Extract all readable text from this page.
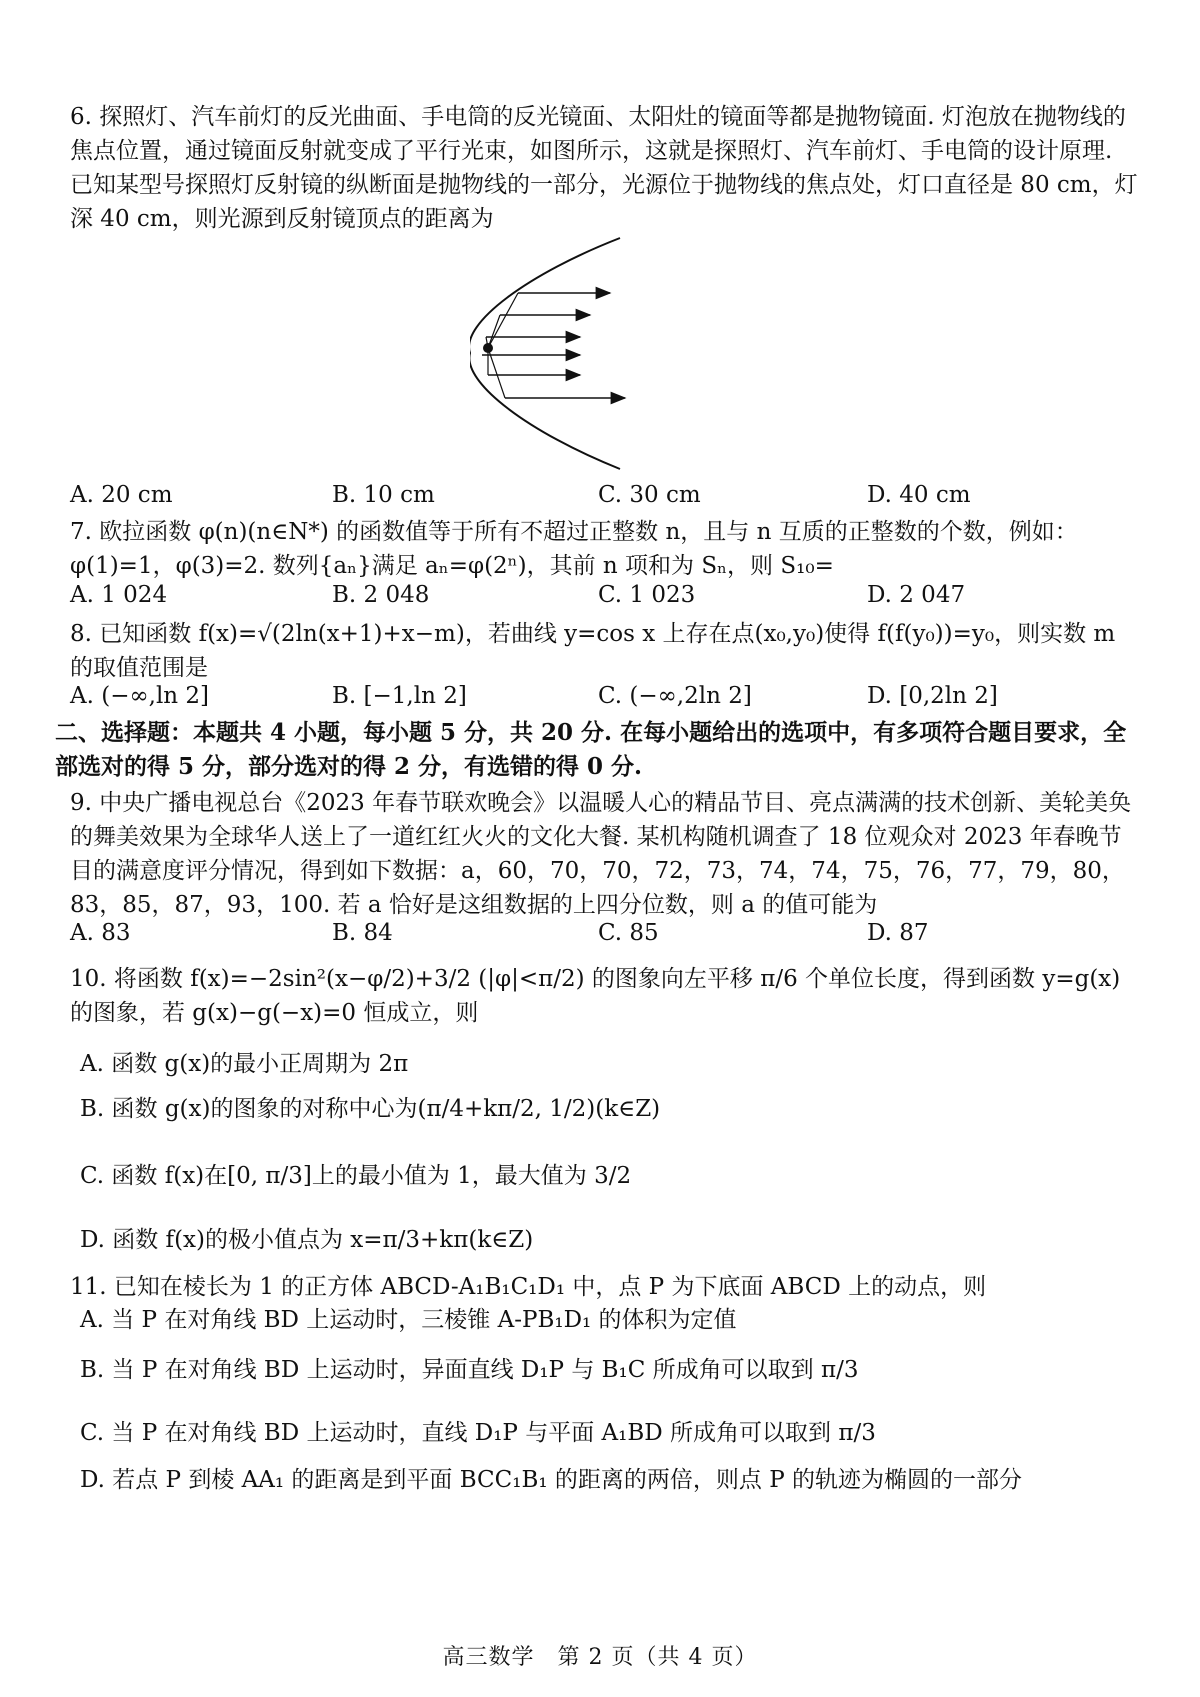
6. 探照灯、汽车前灯的反光曲面、手电筒的反光镜面、太阳灶的镜面等都是抛物镜面. 灯泡放在抛物线的焦点位置，通过镜面反射就变成了平行光束，如图所示，这就是探照灯、汽车前灯、手电筒的设计原理. 已知某型号探照灯反射镜的纵断面是抛物线的一部分，光源位于抛物线的焦点处，灯口直径是 80 cm，灯深 40 cm，则光源到反射镜顶点的距离为
A. 20 cm	B. 10 cm	C. 30 cm	D. 40 cm
7. 欧拉函数 φ(n)(n∈N*) 的函数值等于所有不超过正整数 n，且与 n 互质的正整数的个数，例如：φ(1)=1，φ(3)=2. 数列{aₙ}满足 aₙ=φ(2ⁿ)，其前 n 项和为 Sₙ，则 S₁₀=
A. 1 024	B. 2 048	C. 1 023	D. 2 047
8. 已知函数 f(x)=√(2ln(x+1)+x−m)，若曲线 y=cos x 上存在点(x₀,y₀)使得 f(f(y₀))=y₀，则实数 m 的取值范围是
A. (−∞,ln 2]	B. [−1,ln 2]	C. (−∞,2ln 2]	D. [0,2ln 2]
二、选择题：本题共 4 小题，每小题 5 分，共 20 分. 在每小题给出的选项中，有多项符合题目要求，全部选对的得 5 分，部分选对的得 2 分，有选错的得 0 分.
9. 中央广播电视总台《2023 年春节联欢晚会》以温暖人心的精品节目、亮点满满的技术创新、美轮美奂的舞美效果为全球华人送上了一道红红火火的文化大餐. 某机构随机调查了 18 位观众对 2023 年春晚节目的满意度评分情况，得到如下数据：a，60，70，70，72，73，74，74，75，76，77，79，80，83，85，87，93，100. 若 a 恰好是这组数据的上四分位数，则 a 的值可能为
A. 83	B. 84	C. 85	D. 87
10. 将函数 f(x)=−2sin²(x−φ/2)+3/2 (|φ|<π/2) 的图象向左平移 π/6 个单位长度，得到函数 y=g(x)的图象，若 g(x)−g(−x)=0 恒成立，则
A. 函数 g(x)的最小正周期为 2π
B. 函数 g(x)的图象的对称中心为(π/4+kπ/2, 1/2)(k∈Z)
C. 函数 f(x)在[0, π/3]上的最小值为 1，最大值为 3/2
D. 函数 f(x)的极小值点为 x=π/3+kπ(k∈Z)
11. 已知在棱长为 1 的正方体 ABCD-A₁B₁C₁D₁ 中，点 P 为下底面 ABCD 上的动点，则
A. 当 P 在对角线 BD 上运动时，三棱锥 A-PB₁D₁ 的体积为定值
B. 当 P 在对角线 BD 上运动时，异面直线 D₁P 与 B₁C 所成角可以取到 π/3
C. 当 P 在对角线 BD 上运动时，直线 D₁P 与平面 A₁BD 所成角可以取到 π/3
D. 若点 P 到棱 AA₁ 的距离是到平面 BCC₁B₁ 的距离的两倍，则点 P 的轨迹为椭圆的一部分
高三数学　第 2 页（共 4 页）
